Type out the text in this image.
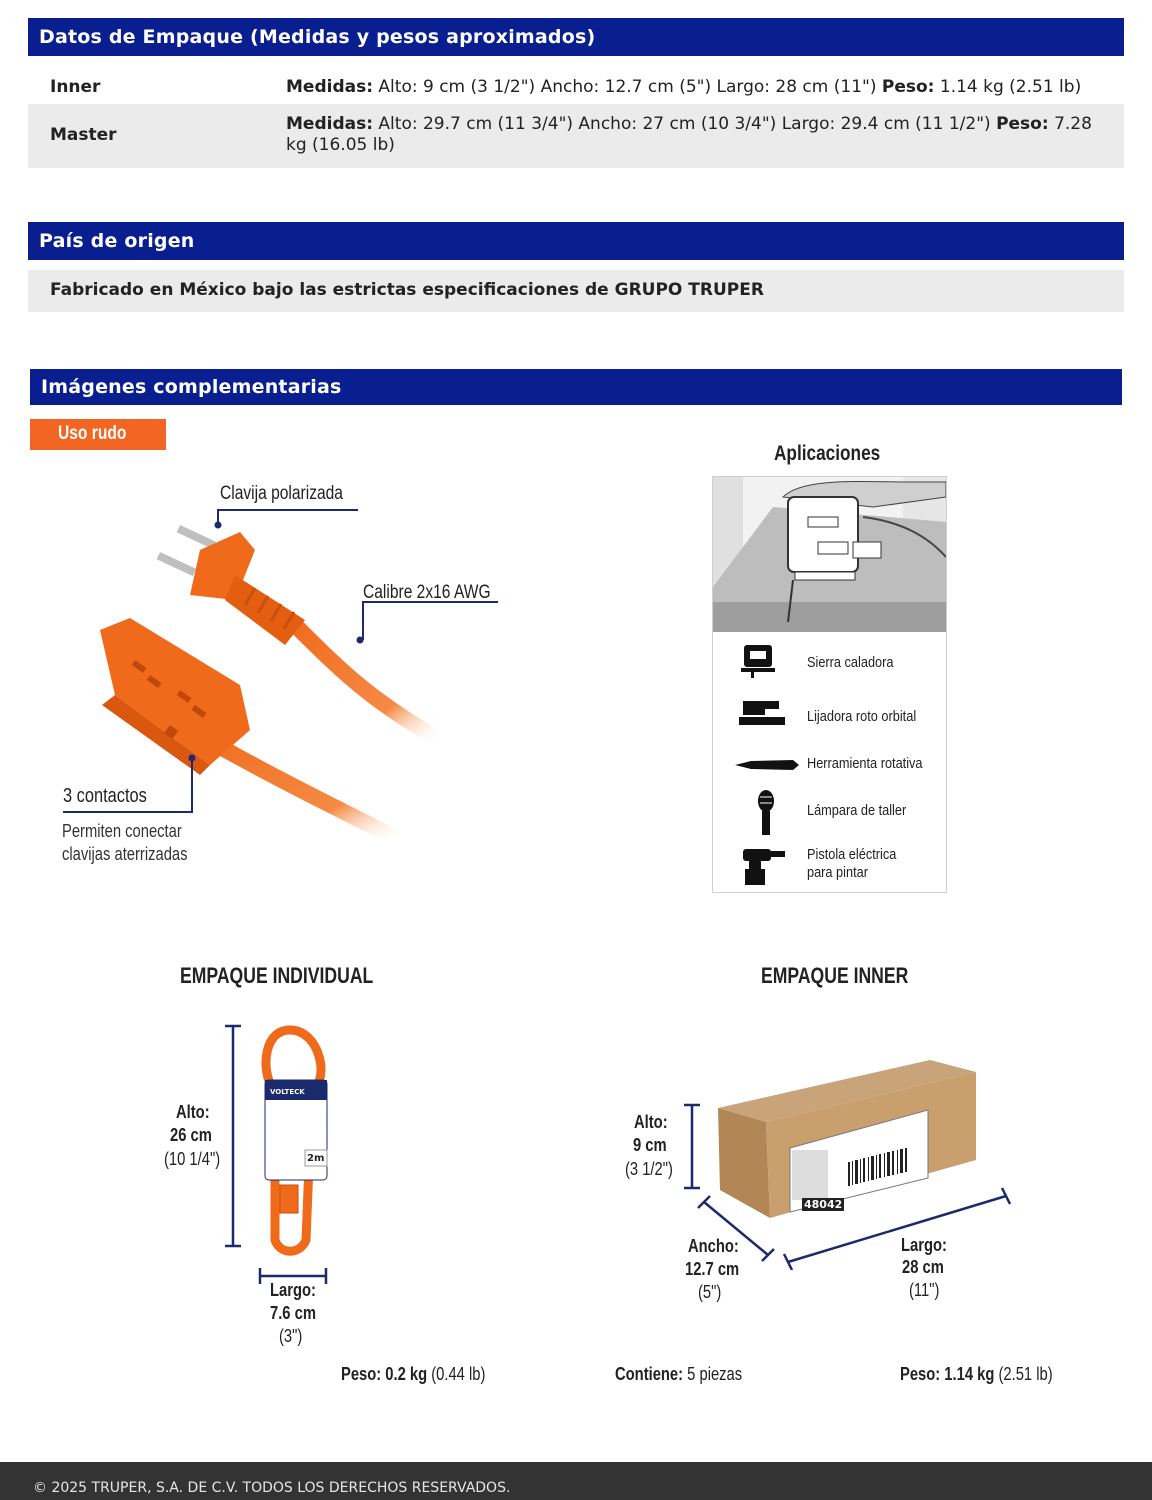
Datos de Empaque (Medidas y pesos aproximados)
Inner	Medidas: Alto: 9 cm (3 1/2") Ancho: 12.7 cm (5") Largo: 28 cm (11") Peso: 1.14 kg (2.51 lb)
Master
Medidas: Alto: 29.7 cm (11 3/4") Ancho: 27 cm (10 3/4") Largo: 29.4 cm (11 1/2") Peso: 7.28 kg (16.05 lb)
País de origen
Fabricado en México bajo las estrictas especificaciones de GRUPO TRUPER
Imágenes complementarias
Uso rudo
Clavija polarizada
Calibre 2x16 AWG
3 contactos
Permiten conectar
clavijas aterrizadas
Aplicaciones
Sierra caladora
Lijadora roto orbital
Herramienta rotativa
Lámpara de taller
Pistola eléctrica
para pintar
EMPAQUE INDIVIDUAL
VOLTECK
2m
Alto:
26 cm
(10 1/4")
Largo:
7.6 cm
(3")
Peso: 0.2 kg (0.44 lb)
EMPAQUE INNER
48042
Alto:
9 cm
(3 1/2")
Ancho:
12.7 cm
(5")
Largo:
28 cm
(11")
Contiene: 5 piezas	Peso: 1.14 kg (2.51 lb)
© 2025 TRUPER, S.A. DE C.V. TODOS LOS DERECHOS RESERVADOS.
